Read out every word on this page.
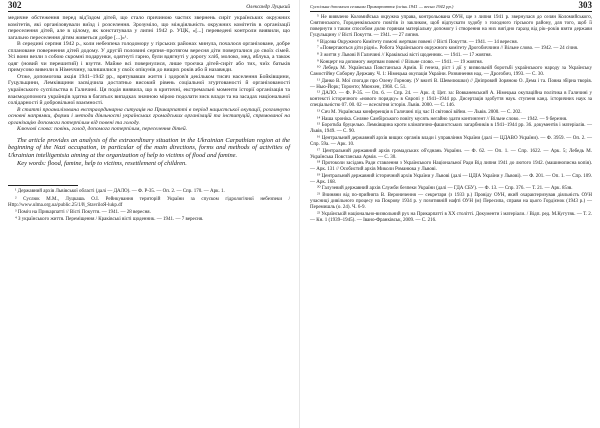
302	Олександр Луцький

медичне обстеження перед від'їздом дітей, що стало причиною частих звернень сиріт українських окружних комітетів, які організовували виїзд і розселення. Зрозуміло, що міждіяльність окружних комітетів в організації переселення дітей, але в цілому, як констатувала у липні 1942 р. УЦК, «[...] переведені контроли виявили, що загально переселення дітям живеться добре [...]»¹.

В середині серпня 1942 р., коли небезпека голодомору у гірських районах минула, почалося організоване, добре сплановане повернення дітей додому. У другій половині серпня–протягом вересня діти поверталися до своїх сімей. Усі вони везли з собою скромні подарунки, одягнуті гарно, були вдягнуті у дорогу хліб, молоко, мед, яблука, а також одяг (новий чи перешитий) і взуття. Майже всі повернулися, лише троєчка дітей-сиріт або тих, чиїх батьків примусово вивезли в Німеччину, залишилися у своїх опікунів до вищих років або й назавжди.

Отже, допомогова акція 1941–1942 рр., врятувавши життя і здоров'я декільком тисяч населення Бойківщини, Гуцульщини, Лемківщини засвідчила достатньо високий рівень соціальної згуртованості й організованості українського суспільства в Галичині. Ця подія виявила, що в критичні, екстремальні моменти історії організація та взаємодопомога українців здатна в багатьох випадках значною мірою подолати зиск влади та на засадах національної солідарності й добровільної взаємності.

В статті проаналізована екстраординарна ситуація на Прикарпатті в період нацистської окупації, розглянуто основні напрямки, форми і методи діяльності українських громадських організацій та інституцій, спрямованої на організацію допомоги потерпілим від повені та голоду.

Ключові слова: повінь, голод, допомога потерпілим, переселення дітей.

The article provides an analysis of the extraordinary situation in the Ukrainian Carpathian region at the beginning of the Nazi occupation, in particular of the main directions, forms and methods of activities of Ukrainian intelligentsia aiming at the organization of help to victims of flood and famine.

Key words: flood, famine, help to victims, resettlement of children.

¹ Державний архів Львівської області (далі — ДАЛО). — Ф. Р-35. — Оп. 2. — Спр. 170. — Арк. 1.

² Суслюк М.М., Луцкашь О.І. Рейнкування територій України за спуском гідрологічної небезпеки / Http://www.ulma.org.ua/public.25/1/й_StavrilоЯ-lukр.df

³ Поміч на Прикарпатті // Вісті Покуття. — 1941. — 28 вересня.

⁴ З українського життя. Переміщення / Краківські вісті щоденник. — 1941. — 7 вересня.

Суспільна допомога селянам Прикарпаття (осінь 1941 — весна 1942 рр.)	303

⁵ Не виявлено Коломийська окружна управа, контрольована ОУН, ще з липня 1941 р. звернулася до селян Коломийського, Снятинського, Городенківського повітів із закликом, щоб відпускати худобу з голодного гірського району, для того, щоб її повернути з таким способом долю горянам матеріальну допомогу і створення на них вигідно гаразд від рік–років взяти держави Гуцульщину // Вісті Покуття. — 1941. — 27 липня.

⁶ Відозва Окружного Комітету помочі жертвам повені // Вісті Покуття. — 1941. — 14 вересня.

⁷ «Повертаються діти рідні». Робота Українського окружного комітету Дрогобиччини // Вільне слово. — 1942. — 24 січня.

⁸ З життя у Львові й Галичині // Краківські вісті щоденник. — 1941. — 17 жовтня.

⁹ Концерт на допомогу жертвам повені // Вільне слово. — 1941. — 19 жовтня.

¹⁰ Лебедь М. Українська Повстанська Армія. Її генеза, ріст і дії у визвольній боротьбі українського народу за Українську Самостійну Соборну Державу. Ч. 1: Німецька окупація України. Розвинення над. — Дрогобич, 1993. — С. 30.

¹¹ Данко В. Мої спогади про Олену Горнову. (У вжиті В. Шевелюшки) // Дніпровий Зоряною О. Дема і та. Повна збірна творів. — Нью-Йорк; Торонто; Мюнхен, 1968. С. 51.

¹² ДАЛО. — Ф. Р-35. — Оп. 6. — Спр. 24. — Арк. 4; Цит. за: Вовканевський А. Німецька окупаційна політика в Галичині у контексті історичного «нового порядку» в Європі у 1941–1944 рр. Дисертація здобуття наук. ступеня канд. історичних наук за спеціальністю 07. 00. 02 — всесвітня історія. Львів. 2000. — С. 146.

¹³ Сич М. Українська конференція в Галичині під час II світової війни. — Львів. 2000. — С. 202.

¹⁴ Наша хроніка. Селяне Самбірського повіту мусять негайно здати контингент // Вільне слово. — 1942. — 9 березня.

¹⁵ Боротьба бруцелью. Лемківщина кроти кліматично-фашистських загарбників в 1941–1944 рр. 36. документів і матеріалів. — Львів, 1949. — С. 90.

¹⁶ Центральний державний архів вищих органів влади і управління України (далі — ЦДАВО України). — Ф. 3959. — Оп. 2. — Спр. 59а. — Арк. 10.

¹⁷ Центральний державний архів громадських об'єднань України. — Ф. 62. — Оп. 1. — Спр. 1622. — Арк. 5; Лебедь М. Українська Повстанська Армія. — С. 30.

¹⁸ Протоколи засідань Ради ставлення з Українського Національної Ради Від липня 1941 до лютого 1942. (машинописна копія). — Арк. 131 // Особистий архів Миколи Романюка у Львові.

¹⁹ Центральний державний історичний архів України у Львові (далі — ЦДІА України у Львові). — Ф. 201. — Оп. 1. — Спр. 109. — Арк. 168.

²⁰ Галузевий державний архів Служби безпеки України (далі — ГДА СБУ). — Ф. 13. — Спр. 376. — Т. 21. — Арк. 85зв.

²¹ Вчиняни від по-прийнята В. Вероничення — секретаря (з 1933 р.) Провіду ОУН, який охарактеризував діяльність ОУН учасниці дивільного процесу на Покрову 1934 р. у позитивній нафті ОУН (м) Пересипа, справи на цього Гордієнок (1943 р.) — Перемишль (о. 24). Ч. 6-9.

²² Українській національно-визвольний рух на Прикарпатті в XX столітті. Документи і матеріали. / Відп. ред. М.Кугутяк. — Т. 2. — Кн. 1 (1939–1945). — Івано-Франківськ, 2009. — С. 216.
